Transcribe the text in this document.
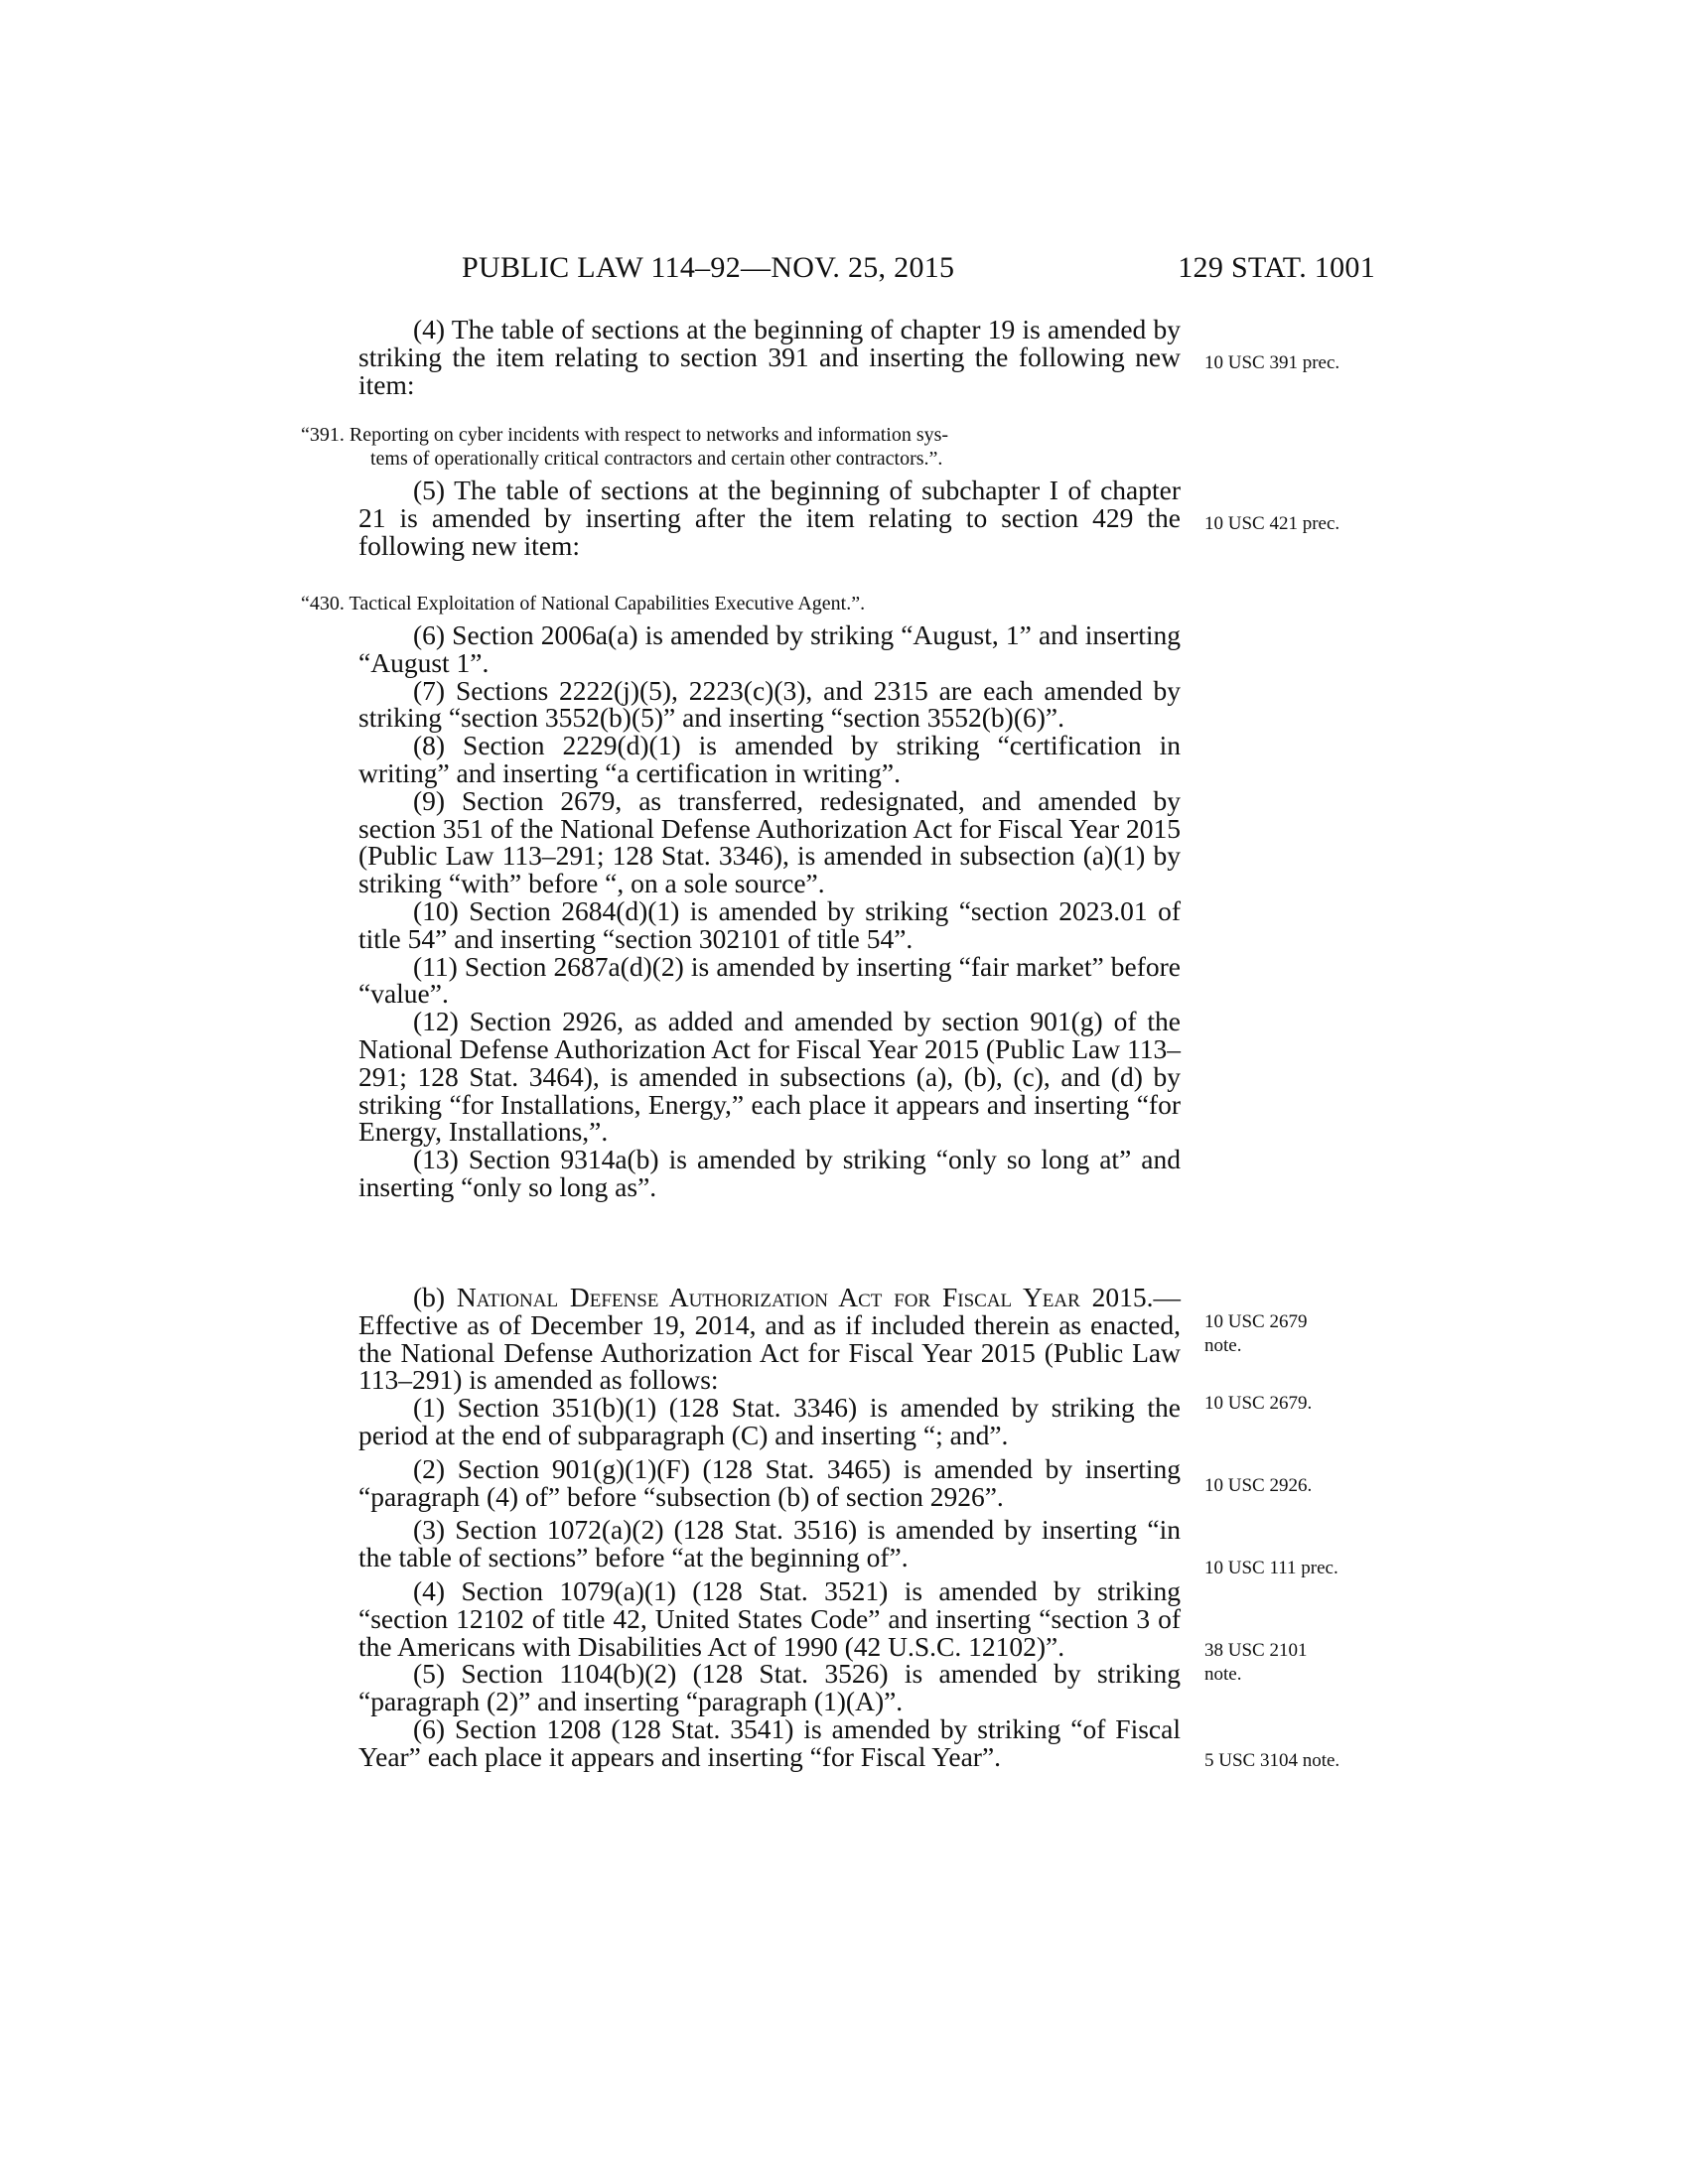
PUBLIC LAW 114–92—NOV. 25, 2015	129 STAT. 1001

(4) The table of sections at the beginning of chapter 19 is amended by striking the item relating to section 391 and inserting the following new item:

10 USC 391 prec.
“391. Reporting on cyber incidents with respect to networks and information sys-
tems of operationally critical contractors and certain other contractors.”.

(5) The table of sections at the beginning of subchapter I of chapter 21 is amended by inserting after the item relating to section 429 the following new item:

10 USC 421 prec.
“430. Tactical Exploitation of National Capabilities Executive Agent.”.
(6) Section 2006a(a) is amended by striking “August, 1” and inserting “August 1”.
(7) Sections 2222(j)(5), 2223(c)(3), and 2315 are each amended by striking “section 3552(b)(5)” and inserting “section 3552(b)(6)”.
(8) Section 2229(d)(1) is amended by striking “certification in writing” and inserting “a certification in writing”.
(9) Section 2679, as transferred, redesignated, and amended by section 351 of the National Defense Authorization Act for Fiscal Year 2015 (Public Law 113–291; 128 Stat. 3346), is amended in subsection (a)(1) by striking “with” before “, on a sole source”.
(10) Section 2684(d)(1) is amended by striking “section 2023.01 of title 54” and inserting “section 302101 of title 54”.
(11) Section 2687a(d)(2) is amended by inserting “fair market” before “value”.
(12) Section 2926, as added and amended by section 901(g) of the National Defense Authorization Act for Fiscal Year 2015 (Public Law 113–291; 128 Stat. 3464), is amended in subsections (a), (b), (c), and (d) by striking “for Installations, Energy,” each place it appears and inserting “for Energy, Installations,”.
(13) Section 9314a(b) is amended by striking “only so long at” and inserting “only so long as”.
(b) National Defense Authorization Act for Fiscal Year 2015.—Effective as of December 19, 2014, and as if included therein as enacted, the National Defense Authorization Act for Fiscal Year 2015 (Public Law 113–291) is amended as follows:
(1) Section 351(b)(1) (128 Stat. 3346) is amended by striking the period at the end of subparagraph (C) and inserting “; and”.
(2) Section 901(g)(1)(F) (128 Stat. 3465) is amended by inserting “paragraph (4) of” before “subsection (b) of section 2926”.
(3) Section 1072(a)(2) (128 Stat. 3516) is amended by inserting “in the table of sections” before “at the beginning of”.
(4) Section 1079(a)(1) (128 Stat. 3521) is amended by striking “section 12102 of title 42, United States Code” and inserting “section 3 of the Americans with Disabilities Act of 1990 (42 U.S.C. 12102)”.
(5) Section 1104(b)(2) (128 Stat. 3526) is amended by striking “paragraph (2)” and inserting “paragraph (1)(A)”.
(6) Section 1208 (128 Stat. 3541) is amended by striking “of Fiscal Year” each place it appears and inserting “for Fiscal Year”.
10 USC 2679 note.
10 USC 2679.
10 USC 2926.
10 USC 111 prec.
38 USC 2101 note.
5 USC 3104 note.
